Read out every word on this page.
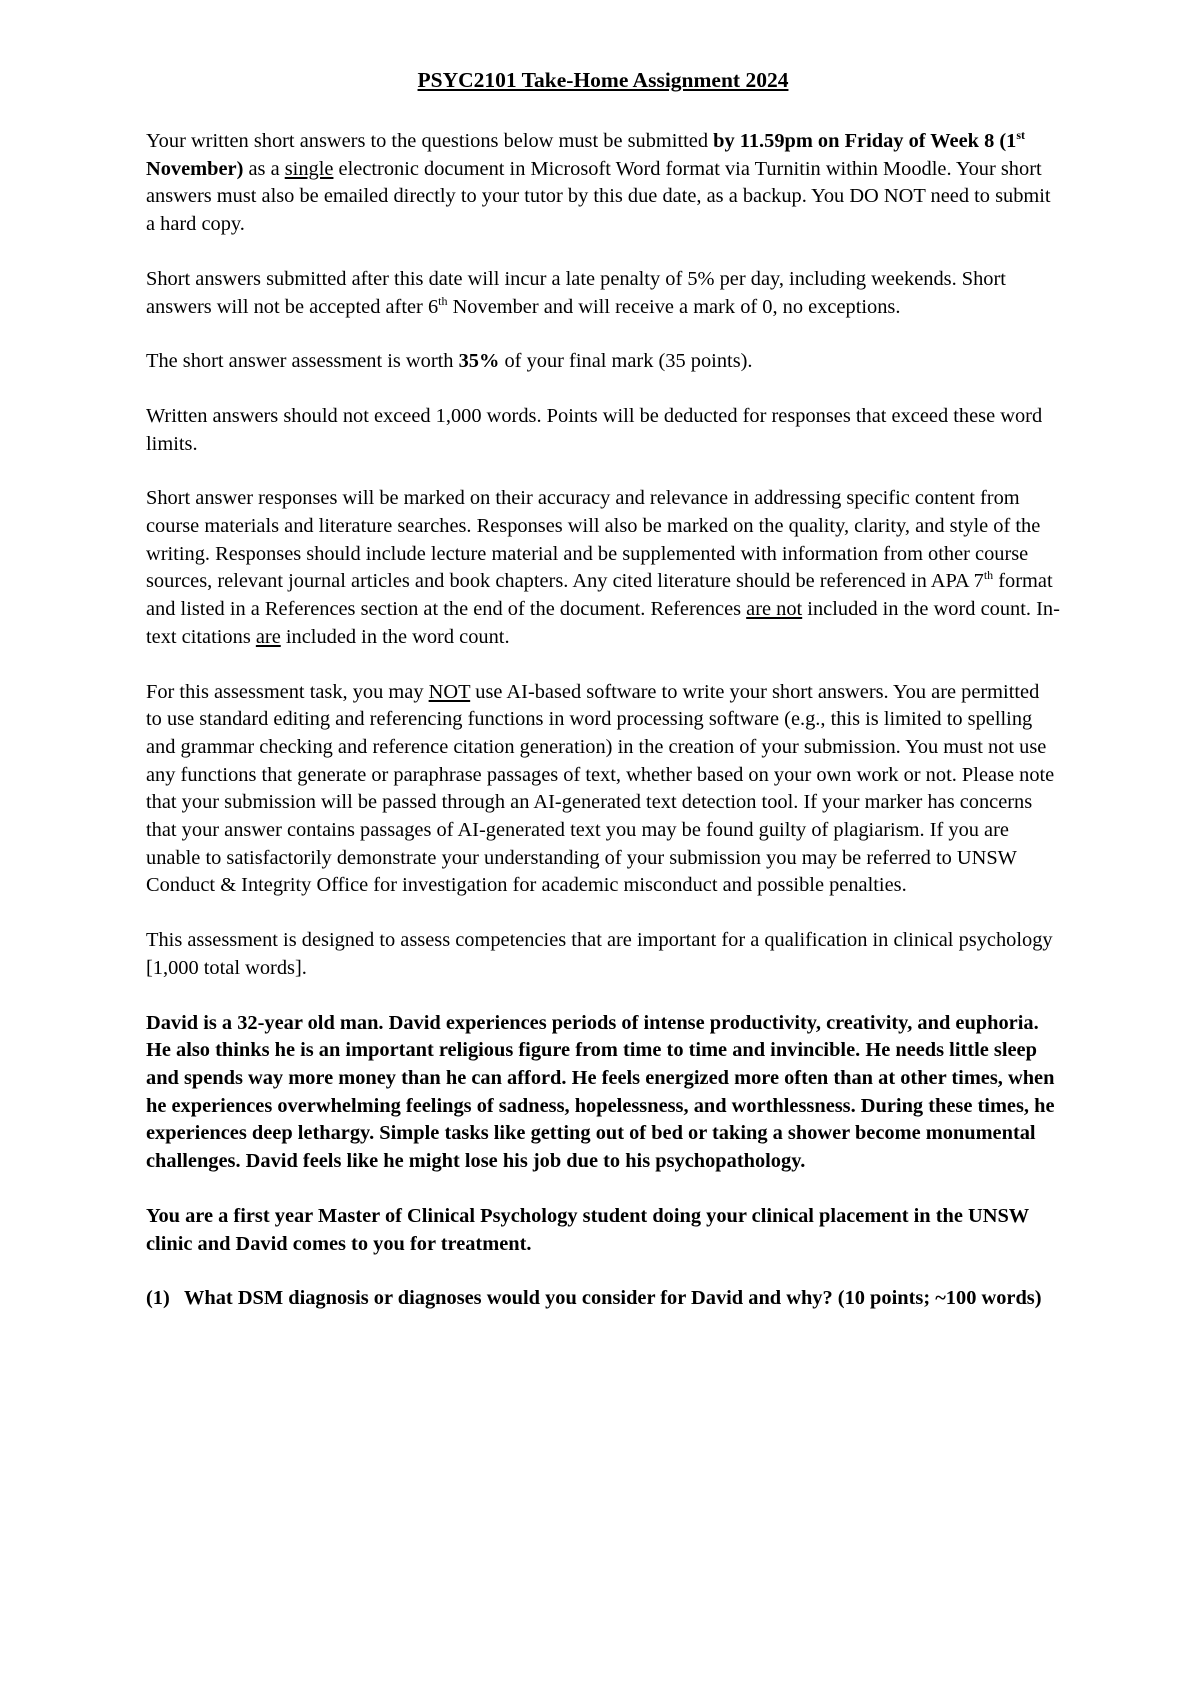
PSYC2101 Take-Home Assignment 2024

Your written short answers to the questions below must be submitted by 11.59pm on Friday of Week 8 (1st November) as a single electronic document in Microsoft Word format via Turnitin within Moodle. Your short answers must also be emailed directly to your tutor by this due date, as a backup. You DO NOT need to submit a hard copy.

Short answers submitted after this date will incur a late penalty of 5% per day, including weekends. Short answers will not be accepted after 6th November and will receive a mark of 0, no exceptions.

The short answer assessment is worth 35% of your final mark (35 points).

Written answers should not exceed 1,000 words. Points will be deducted for responses that exceed these word limits.

Short answer responses will be marked on their accuracy and relevance in addressing specific content from course materials and literature searches. Responses will also be marked on the quality, clarity, and style of the writing. Responses should include lecture material and be supplemented with information from other course sources, relevant journal articles and book chapters. Any cited literature should be referenced in APA 7th format and listed in a References section at the end of the document. References are not included in the word count. In-text citations are included in the word count.

For this assessment task, you may NOT use AI-based software to write your short answers. You are permitted to use standard editing and referencing functions in word processing software (e.g., this is limited to spelling and grammar checking and reference citation generation) in the creation of your submission. You must not use any functions that generate or paraphrase passages of text, whether based on your own work or not. Please note that your submission will be passed through an AI-generated text detection tool. If your marker has concerns that your answer contains passages of AI-generated text you may be found guilty of plagiarism. If you are unable to satisfactorily demonstrate your understanding of your submission you may be referred to UNSW Conduct & Integrity Office for investigation for academic misconduct and possible penalties.

This assessment is designed to assess competencies that are important for a qualification in clinical psychology [1,000 total words].

David is a 32-year old man. David experiences periods of intense productivity, creativity, and euphoria. He also thinks he is an important religious figure from time to time and invincible. He needs little sleep and spends way more money than he can afford. He feels energized more often than at other times, when he experiences overwhelming feelings of sadness, hopelessness, and worthlessness. During these times, he experiences deep lethargy. Simple tasks like getting out of bed or taking a shower become monumental challenges. David feels like he might lose his job due to his psychopathology.

You are a first year Master of Clinical Psychology student doing your clinical placement in the UNSW clinic and David comes to you for treatment.

(1) What DSM diagnosis or diagnoses would you consider for David and why? (10 points; ~100 words)
